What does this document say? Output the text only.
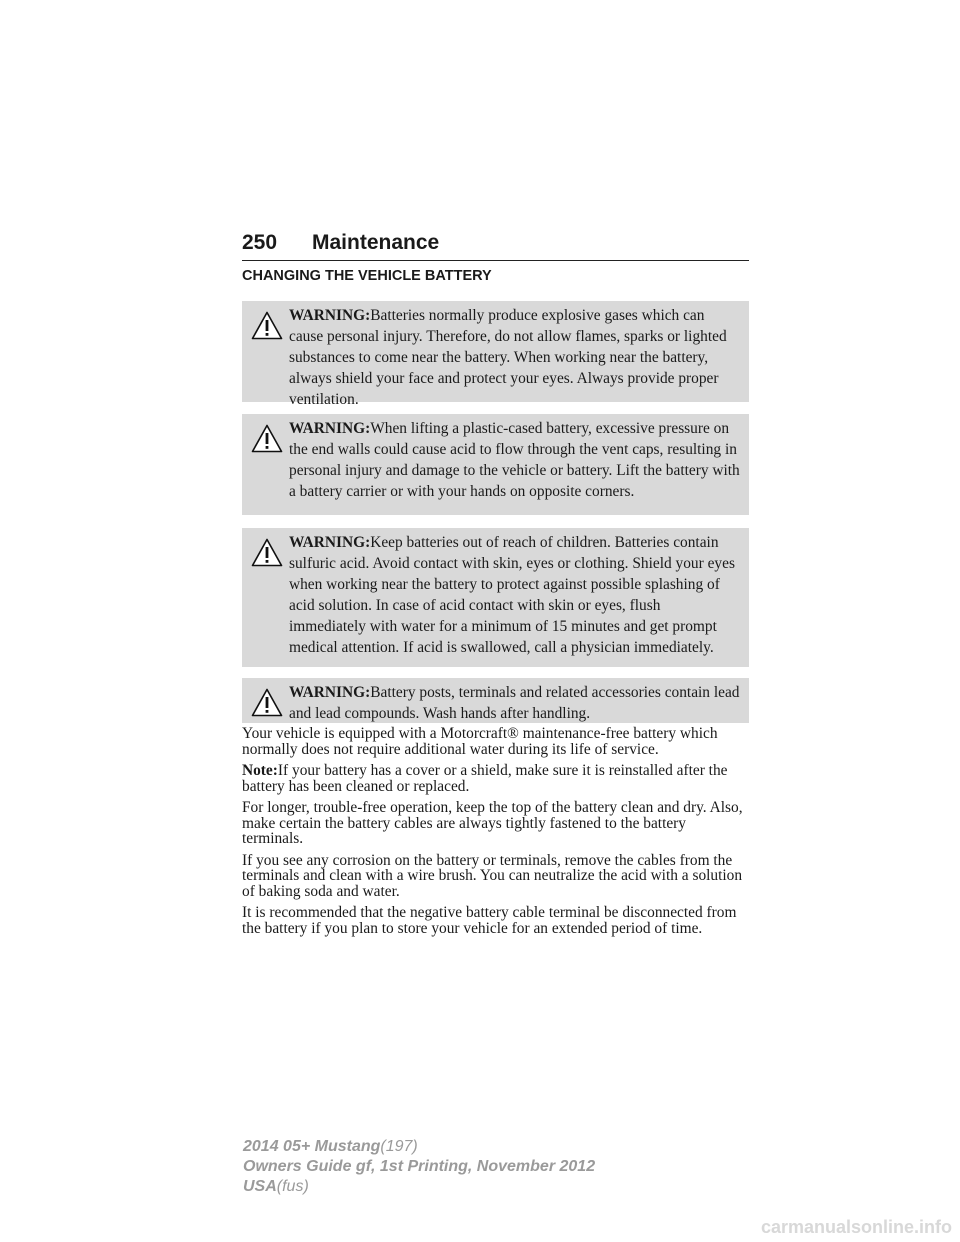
250 Maintenance
CHANGING THE VEHICLE BATTERY
WARNING:Batteries normally produce explosive gases which can cause personal injury. Therefore, do not allow flames, sparks or lighted substances to come near the battery. When working near the battery, always shield your face and protect your eyes. Always provide proper ventilation.
WARNING:When lifting a plastic-cased battery, excessive pressure on the end walls could cause acid to flow through the vent caps, resulting in personal injury and damage to the vehicle or battery. Lift the battery with a battery carrier or with your hands on opposite corners.
WARNING:Keep batteries out of reach of children. Batteries contain sulfuric acid. Avoid contact with skin, eyes or clothing. Shield your eyes when working near the battery to protect against possible splashing of acid solution. In case of acid contact with skin or eyes, flush immediately with water for a minimum of 15 minutes and get prompt medical attention. If acid is swallowed, call a physician immediately.
WARNING:Battery posts, terminals and related accessories contain lead and lead compounds. Wash hands after handling.

Your vehicle is equipped with a Motorcraft® maintenance-free battery which normally does not require additional water during its life of service.

Note:If your battery has a cover or a shield, make sure it is reinstalled after the battery has been cleaned or replaced.

For longer, trouble-free operation, keep the top of the battery clean and dry. Also, make certain the battery cables are always tightly fastened to the battery terminals.

If you see any corrosion on the battery or terminals, remove the cables from the terminals and clean with a wire brush. You can neutralize the acid with a solution of baking soda and water.

It is recommended that the negative battery cable terminal be disconnected from the battery if you plan to store your vehicle for an extended period of time.

2014 05+ Mustang(197)
Owners Guide gf, 1st Printing, November 2012
USA(fus)
carmanualsonline.info
